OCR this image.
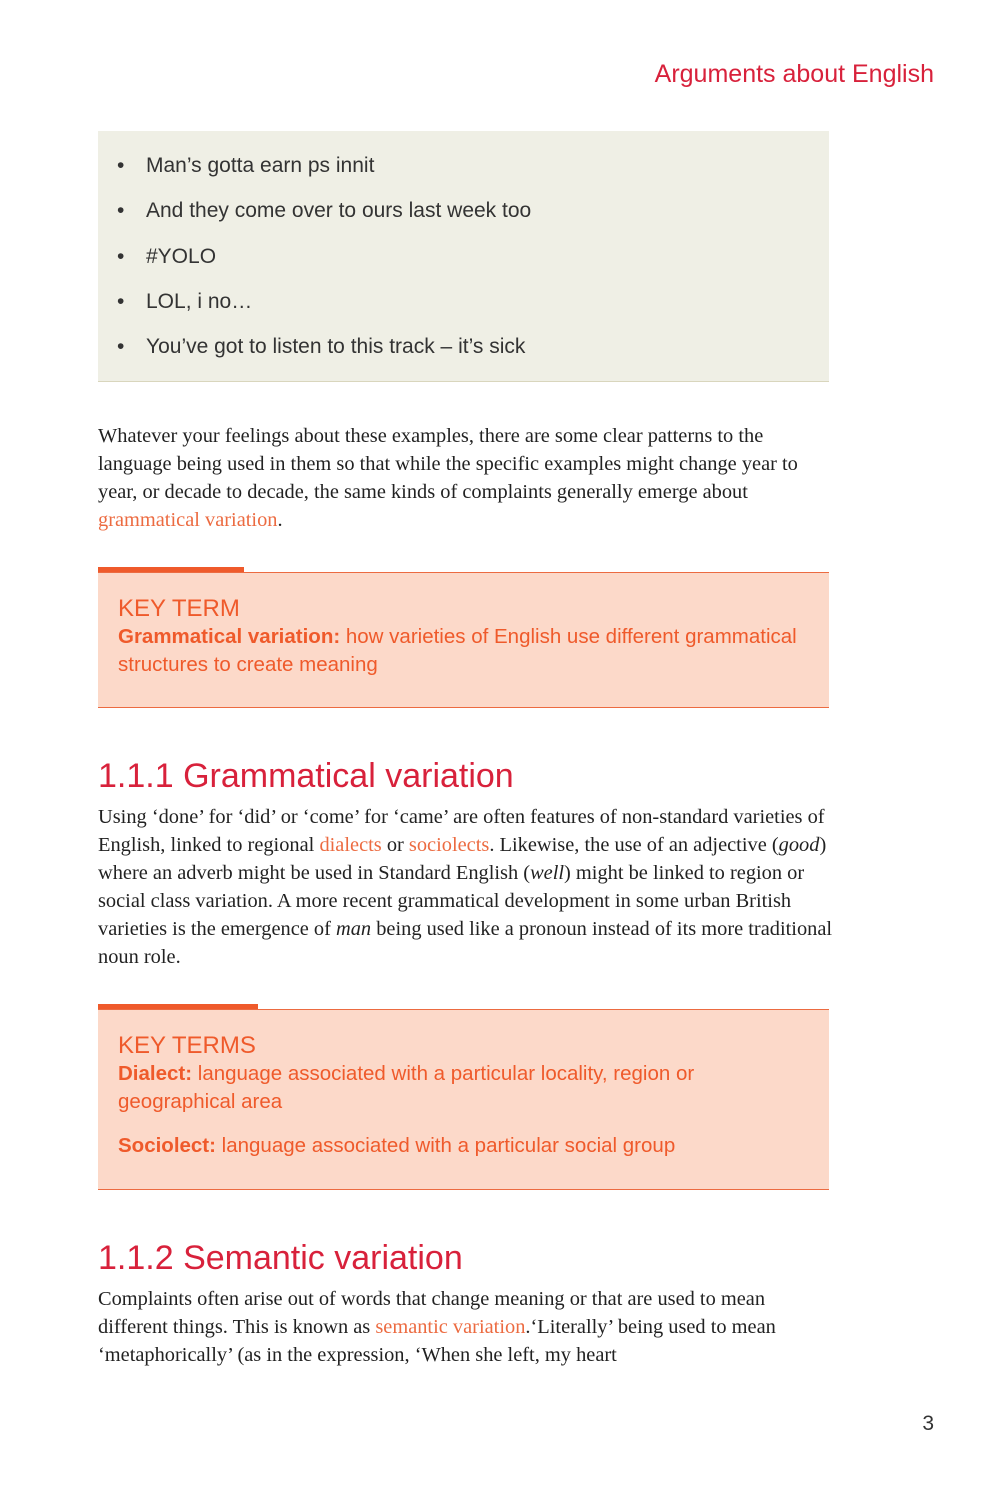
Arguments about English
• Man’s gotta earn ps innit
• And they come over to ours last week too
• #YOLO
• LOL, i no…
• You’ve got to listen to this track – it’s sick

Whatever your feelings about these examples, there are some clear patterns to the language being used in them so that while the specific examples might change year to year, or decade to decade, the same kinds of complaints generally emerge about grammatical variation.

KEY TERM
Grammatical variation: how varieties of English use different grammatical structures to create meaning
1.1.1 Grammatical variation

Using ‘done’ for ‘did’ or ‘come’ for ‘came’ are often features of non-standard varieties of English, linked to regional dialects or sociolects. Likewise, the use of an adjective (good) where an adverb might be used in Standard English (well) might be linked to region or social class variation. A more recent grammatical development in some urban British varieties is the emergence of man being used like a pronoun instead of its more traditional noun role.

KEY TERMS
Dialect: language associated with a particular locality, region or geographical area
Sociolect: language associated with a particular social group
1.1.2 Semantic variation

Complaints often arise out of words that change meaning or that are used to mean different things. This is known as semantic variation.‘Literally’ being used to mean ‘metaphorically’ (as in the expression, ‘When she left, my heart

3
